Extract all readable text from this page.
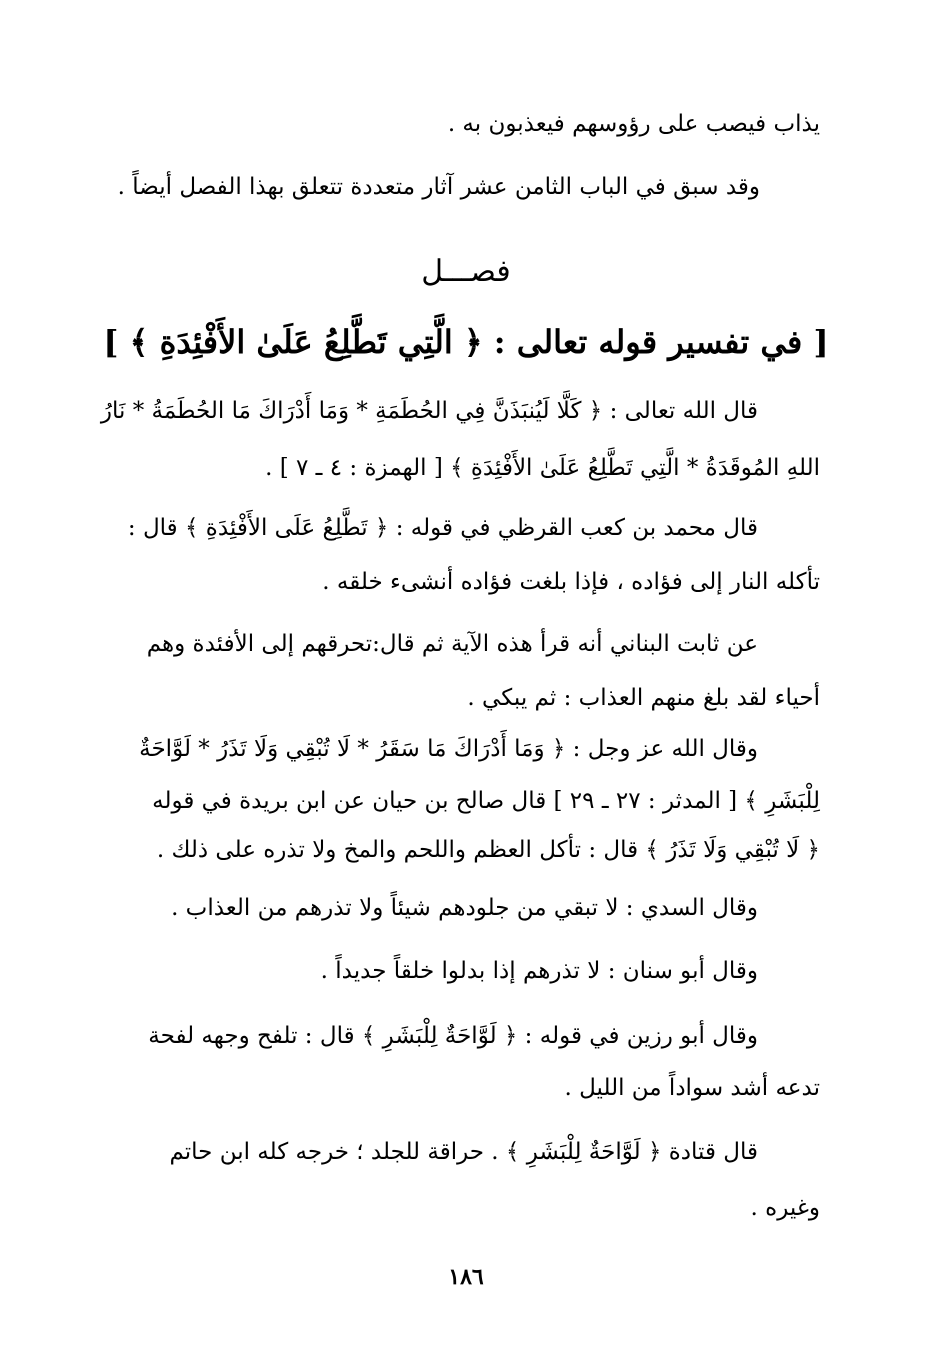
يذاب فيصب على رؤوسهم فيعذبون به .
وقد سبق في الباب الثامن عشر آثار متعددة تتعلق بهذا الفصل أيضاً .
فصـــل
[ في تفسير قوله تعالى : ﴿ الَّتِي تَطَّلِعُ عَلَىٰ الأَفْئِدَةِ ﴾ ]
قال الله تعالى : ﴿ كَلَّا لَيُنبَذَنَّ فِي الحُطَمَةِ * وَمَا أَدْرَاكَ مَا الحُطَمَةُ * نَارُ
اللهِ المُوقَدَةُ * الَّتِي تَطَّلِعُ عَلَىٰ الأَفْئِدَةِ ﴾ [ الهمزة : ٤ ـ ٧ ] .
قال محمد بن كعب القرظي في قوله : ﴿ تَطَّلِعُ عَلَى الأَفْئِدَةِ ﴾ قال :
تأكله النار إلى فؤاده ، فإذا بلغت فؤاده أنشىء خلقه .
عن ثابت البناني أنه قرأ هذه الآية ثم قال:تحرقهم إلى الأفئدة وهم
أحياء لقد بلغ منهم العذاب : ثم يبكي .
وقال الله عز وجل : ﴿ وَمَا أَدْرَاكَ مَا سَقَرُ * لَا تُبْقِي وَلَا تَذَرُ * لَوَّاحَةٌ
لِلْبَشَرِ ﴾ [ المدثر : ٢٧ ـ ٢٩ ] قال صالح بن حيان عن ابن بريدة في قوله
﴿ لَا تُبْقِي وَلَا تَذَرُ ﴾ قال : تأكل العظم واللحم والمخ ولا تذره على ذلك .
وقال السدي : لا تبقي من جلودهم شيئاً ولا تذرهم من العذاب .
وقال أبو سنان : لا تذرهم إذا بدلوا خلقاً جديداً .
وقال أبو رزين في قوله : ﴿ لَوَّاحَةٌ لِلْبَشَرِ ﴾ قال : تلفح وجهه لفحة
تدعه أشد سواداً من الليل .
قال قتادة ﴿ لَوَّاحَةٌ لِلْبَشَرِ ﴾ . حراقة للجلد ؛ خرجه كله ابن حاتم
وغيره .
١٨٦
